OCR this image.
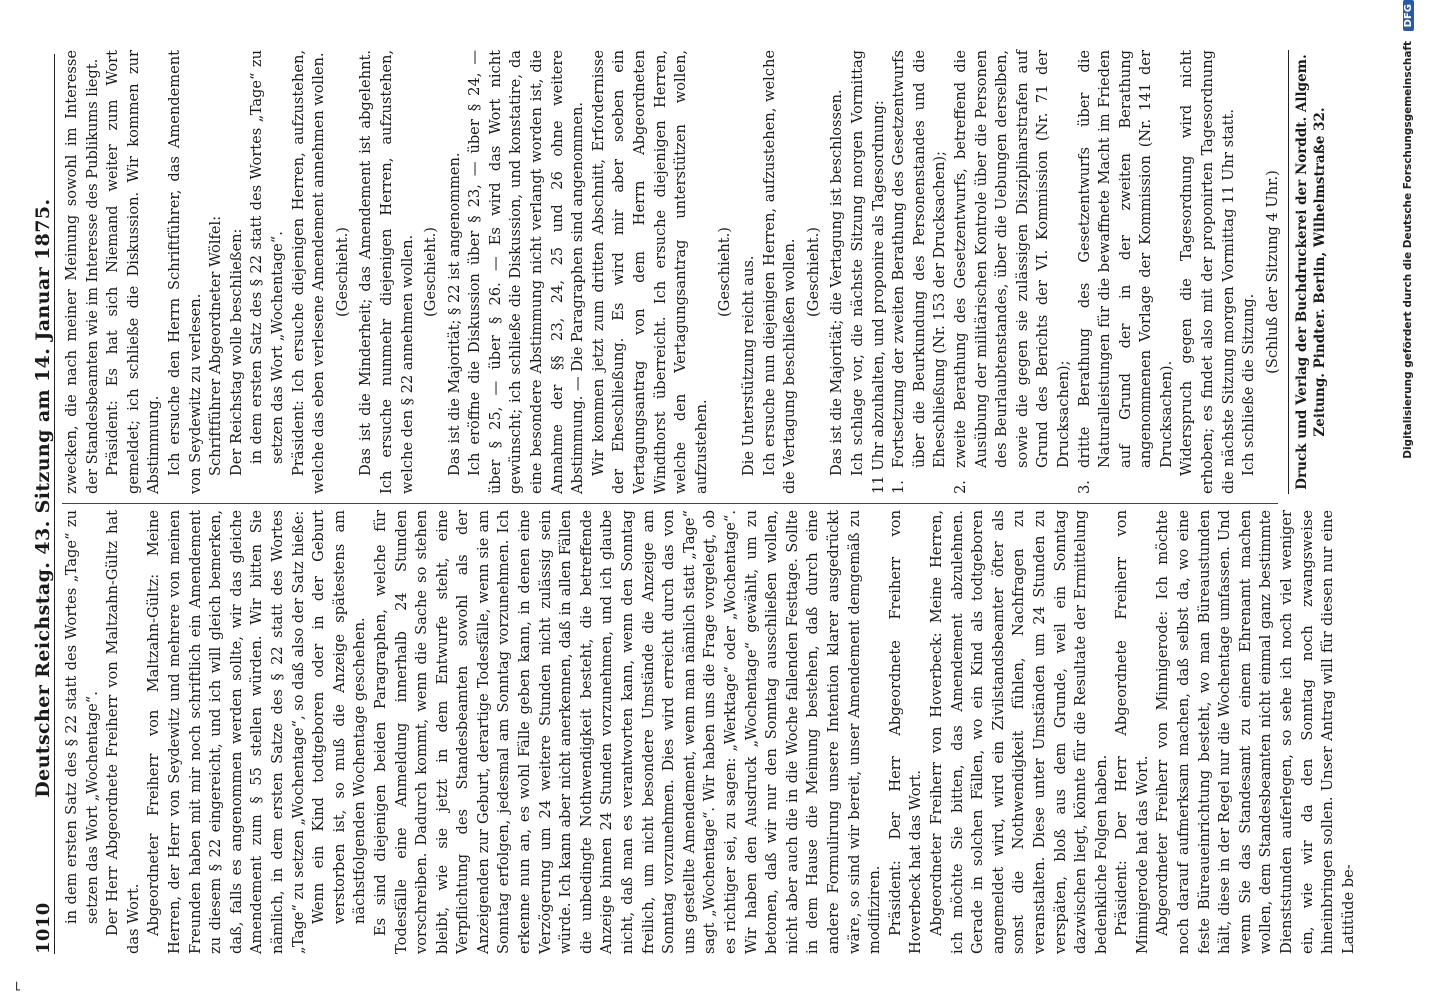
⌐
1010
Deutscher Reichstag. 43. Sitzung am 14. Januar 1875. in dem ersten Satz des § 22 statt des Wortes „Tage“ zu setzen das Wort „Wochentage“. Der Herr Abgeordnete Freiherr von Maltzahn-Gültz hat das Wort. Abgeordneter Freiherr von Maltzahn-Gültz: Meine Herren, der Herr von Seydewitz und mehrere von meinen Freunden haben mit mir noch schriftlich ein Amendement zu diesem § 22 eingereicht, und ich will gleich bemerken, daß, falls es angenommen werden sollte, wir das gleiche Amendement zum § 55 stellen würden. Wir bitten Sie nämlich, in dem ersten Satze des § 22 statt des Wortes „Tage“ zu setzen „Wochentage“, so daß also der Satz hieße: Wenn ein Kind todtgeboren oder in der Geburt verstorben ist, so muß die Anzeige spätestens am nächstfolgenden Wochentage geschehen. Es sind diejenigen beiden Paragraphen, welche für Todesfälle eine Anmeldung innerhalb 24 Stunden vorschreiben. Dadurch kommt, wenn die Sache so stehen bleibt, wie sie jetzt in dem Entwurfe steht, eine Verpflichtung des Standesbeamten sowohl als der Anzeigenden zur Geburt, derartige Todesfälle, wenn sie am Sonntag erfolgen, jedesmal am Sonntag vorzunehmen. Ich erkenne nun an, es wohl Fälle geben kann, in denen eine Verzögerung um 24 weitere Stunden nicht zulässig sein würde. Ich kann aber nicht anerkennen, daß in allen Fällen die unbedingte Nothwendigkeit besteht, die betreffende Anzeige binnen 24 Stunden vorzunehmen, und ich glaube nicht, daß man es verantworten kann, wenn den Sonntag freilich, um nicht besondere Umstände die Anzeige am Sonntag vorzunehmen. Dies wird erreicht durch das von uns gestellte Amendement, wenn man nämlich statt „Tage“ sagt „Wochentage“. Wir haben uns die Frage vorgelegt, ob es richtiger sei, zu sagen: „Werktage“ oder „Wochentage“. Wir haben den Ausdruck „Wochentage“ gewählt, um zu betonen, daß wir nur den Sonntag ausschließen wollen, nicht aber auch die in die Woche fallenden Festtage. Sollte in dem Hause die Meinung bestehen, daß durch eine andere Formulirung unsere Intention klarer ausgedrückt wäre, so sind wir bereit, unser Amendement demgemäß zu modifiziren. Präsident: Der Herr Abgeordnete Freiherr von Hoverbeck hat das Wort. Abgeordneter Freiherr von Hoverbeck: Meine Herren, ich möchte Sie bitten, das Amendement abzulehnen. Gerade in solchen Fällen, wo ein Kind als todtgeboren angemeldet wird, wird ein Zivilstandsbeamter öfter als sonst die Nothwendigkeit fühlen, Nachfragen zu veranstalten. Diese unter Umständen um 24 Stunden zu verspäten, bloß aus dem Grunde, weil ein Sonntag dazwischen liegt, könnte für die Resultate der Ermittelung bedenkliche Folgen haben. Präsident: Der Herr Abgeordnete Freiherr von Minnigerode hat das Wort. Abgeordneter Freiherr von Minnigerode: Ich möchte noch darauf aufmerksam machen, daß selbst da, wo eine feste Büreaueinrichtung besteht, wo man Büreaustunden hält, diese in der Regel nur die Wochentage umfassen. Und wenn Sie das Standesamt zu einem Ehrenamt machen wollen, dem Standesbeamten nicht einmal ganz bestimmte Dienststunden auferlegen, so sehe ich noch viel weniger ein, wie wir da den Sonntag noch zwangsweise hineinbringen sollen. Unser Antrag will für diesen nur eine Latitüde be-

zwecken, die nach meiner Meinung sowohl im Interesse der Standesbeamten wie im Interesse des Publikums liegt. Präsident: Es hat sich Niemand weiter zum Wort gemeldet; ich schließe die Diskussion. Wir kommen zur Abstimmung. Ich ersuche den Herrn Schriftführer, das Amendement von Seydewitz zu verlesen. Schriftführer Abgeordneter Wölfel: Der Reichstag wolle beschließen: in dem ersten Satz des § 22 statt des Wortes „Tage“ zu setzen das Wort „Wochentage“. Präsident: Ich ersuche diejenigen Herren, aufzustehen, welche das eben verlesene Amendement annehmen wollen. (Geschieht.) Das ist die Minderheit; das Amendement ist abgelehnt. Ich ersuche nunmehr diejenigen Herren, aufzustehen, welche den § 22 annehmen wollen. (Geschieht.) Das ist die Majorität; § 22 ist angenommen. Ich eröffne die Diskussion über § 23, — über § 24, — über § 25, — über § 26. — Es wird das Wort nicht gewünscht; ich schließe die Diskussion, und konstatire, da eine besondere Abstimmung nicht verlangt worden ist, die Annahme der §§ 23, 24, 25 und 26 ohne weitere Abstimmung. — Die Paragraphen sind angenommen. Wir kommen jetzt zum dritten Abschnitt, Erfordernisse der Eheschließung. Es wird mir aber soeben ein Vertagungsantrag von dem Herrn Abgeordneten Windthorst überreicht. Ich ersuche diejenigen Herren, welche den Vertagungsantrag unterstützen wollen, aufzustehen.

(Geschieht.) Die Unterstützung reicht aus. Ich ersuche nun diejenigen Herren, aufzustehen, welche die Vertagung beschließen wollen. (Geschieht.) Das ist die Majorität; die Vertagung ist beschlossen. Ich schlage vor, die nächste Sitzung morgen Vormittag 11 Uhr abzuhalten, und proponire als Tagesordnung: 1.
Fortsetzung der zweiten Berathung des Gesetzentwurfs über die Beurkundung des Personenstandes und die Eheschließung (Nr. 153 der Drucksachen);
2.
zweite Berathung des Gesetzentwurfs, betreffend die Ausübung der militärischen Kontrole über die Personen des Beurlaubtenstandes, über die Uebungen derselben, sowie die gegen sie zulässigen Disziplinarstrafen auf Grund des Berichts der VI. Kommission (Nr. 71 der Drucksachen);
3.
dritte Berathung des Gesetzentwurfs über die Naturalleistungen für die bewaffnete Macht im Frieden auf Grund der in der zweiten Berathung angenommenen Vorlage der Kommission (Nr. 141 der Drucksachen). Widerspruch gegen die Tagesordnung wird nicht erhoben; es findet also mit der proponirten Tagesordnung die nächste Sitzung morgen Vormittag 11 Uhr statt. Ich schließe die Sitzung.

(Schluß der Sitzung 4 Uhr.) Druck und Verlag der Buchdruckerei der Norddt. Allgem. Zeitung. Pindter. Berlin, Wilhelmstraße 32.	Digitalisierung gefördert durch die Deutsche Forschungsgemeinschaft DFG
